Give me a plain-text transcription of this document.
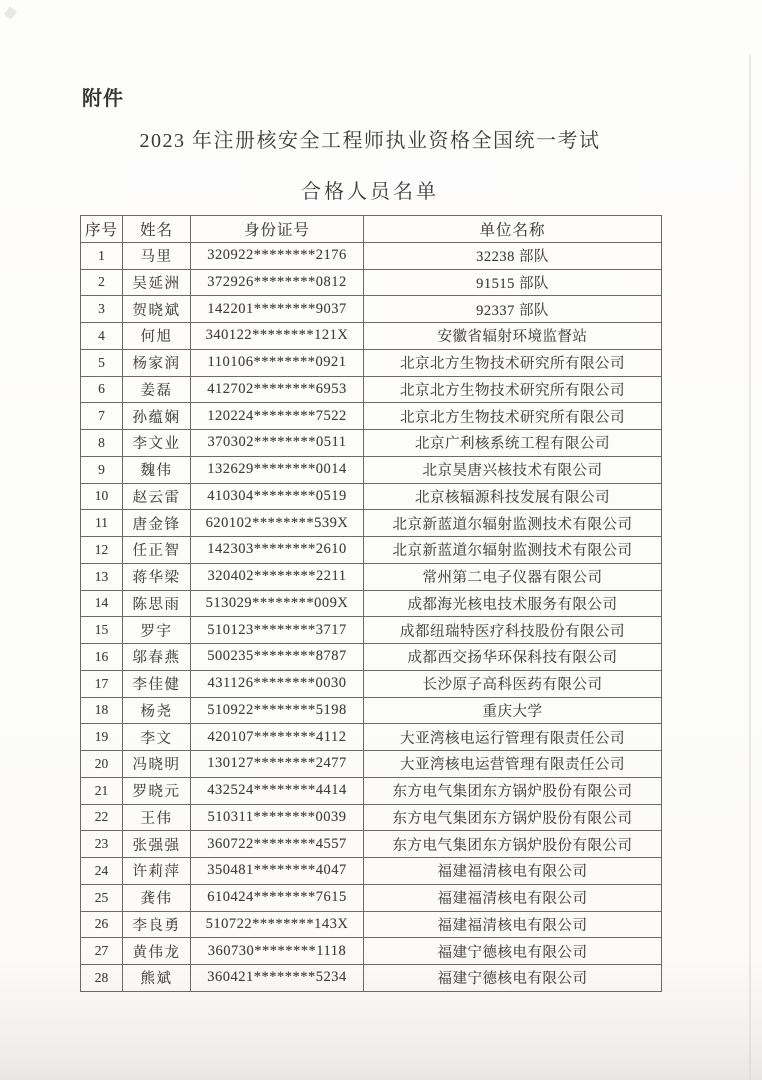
附件
2023 年注册核安全工程师执业资格全国统一考试
合格人员名单
序号	姓名	身份证号	单位名称
1	马里	320922********2176	32238 部队
2	吴延洲	372926********0812	91515 部队
3	贺晓斌	142201********9037	92337 部队
4	何旭	340122********121X	安徽省辐射环境监督站
5	杨家润	110106********0921	北京北方生物技术研究所有限公司
6	姜磊	412702********6953	北京北方生物技术研究所有限公司
7	孙蕴娴	120224********7522	北京北方生物技术研究所有限公司
8	李文业	370302********0511	北京广利核系统工程有限公司
9	魏伟	132629********0014	北京昊唐兴核技术有限公司
10	赵云雷	410304********0519	北京核辐源科技发展有限公司
11	唐金锋	620102********539X	北京新蓝道尔辐射监测技术有限公司
12	任正智	142303********2610	北京新蓝道尔辐射监测技术有限公司
13	蒋华梁	320402********2211	常州第二电子仪器有限公司
14	陈思雨	513029********009X	成都海光核电技术服务有限公司
15	罗宇	510123********3717	成都纽瑞特医疗科技股份有限公司
16	邬春燕	500235********8787	成都西交扬华环保科技有限公司
17	李佳健	431126********0030	长沙原子高科医药有限公司
18	杨尧	510922********5198	重庆大学
19	李文	420107********4112	大亚湾核电运行管理有限责任公司
20	冯晓明	130127********2477	大亚湾核电运营管理有限责任公司
21	罗晓元	432524********4414	东方电气集团东方锅炉股份有限公司
22	王伟	510311********0039	东方电气集团东方锅炉股份有限公司
23	张强强	360722********4557	东方电气集团东方锅炉股份有限公司
24	许莉萍	350481********4047	福建福清核电有限公司
25	龚伟	610424********7615	福建福清核电有限公司
26	李良勇	510722********143X	福建福清核电有限公司
27	黄伟龙	360730********1118	福建宁德核电有限公司
28	熊斌	360421********5234	福建宁德核电有限公司
